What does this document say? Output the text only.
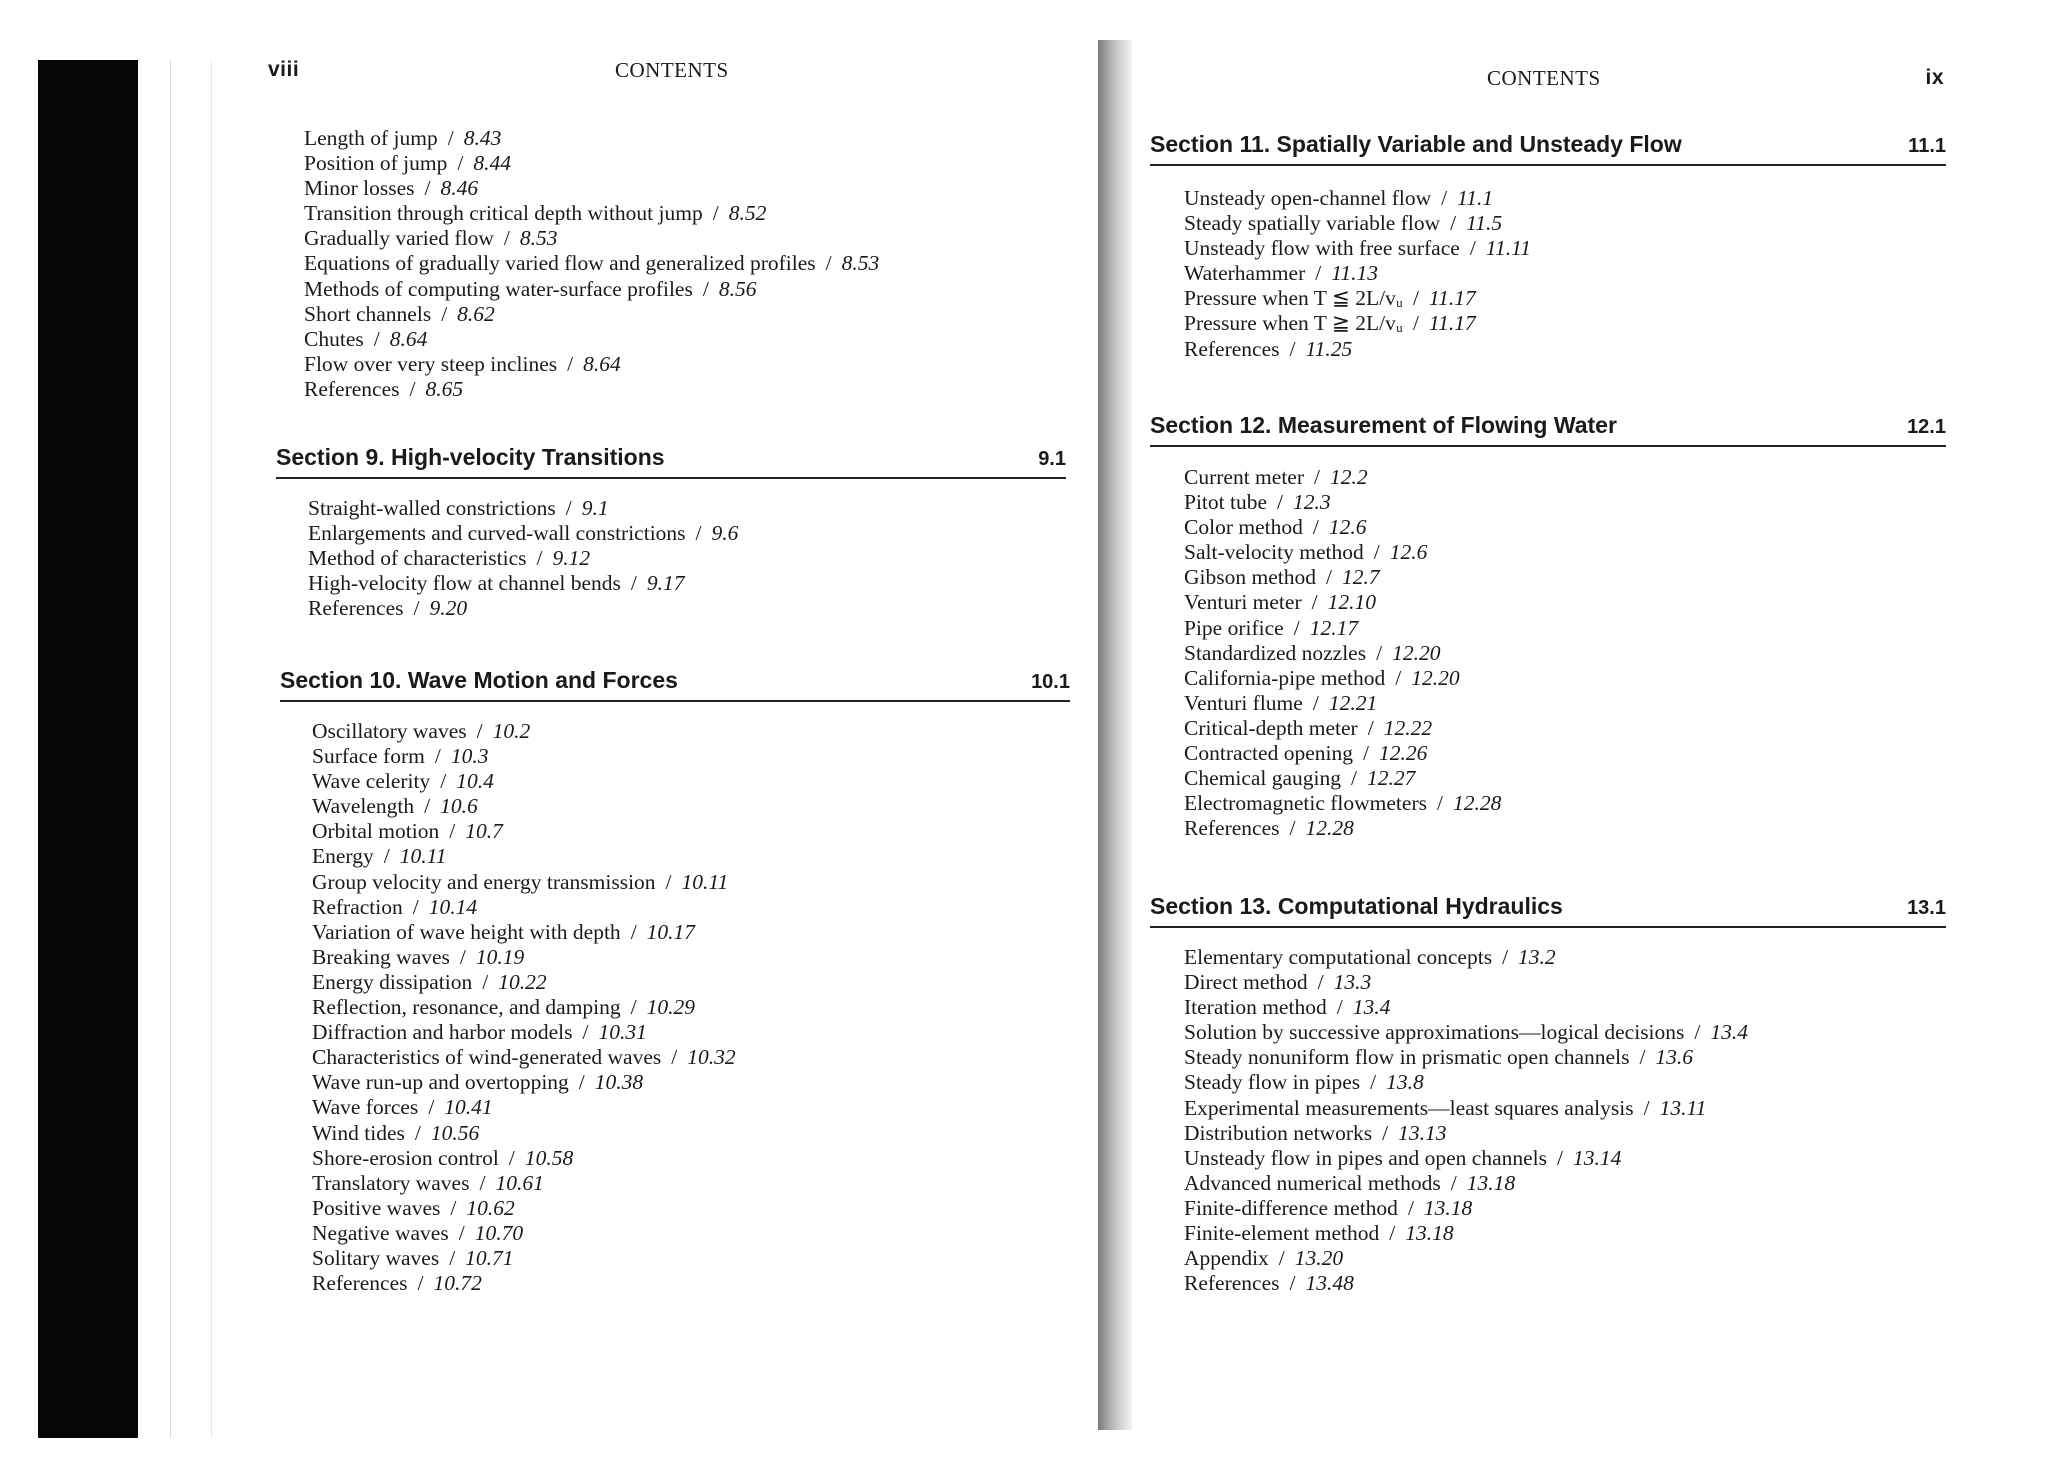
viii	CONTENTS
Length of jump / 8.43
Position of jump / 8.44
Minor losses / 8.46
Transition through critical depth without jump / 8.52
Gradually varied flow / 8.53
Equations of gradually varied flow and generalized profiles / 8.53
Methods of computing water-surface profiles / 8.56
Short channels / 8.62
Chutes / 8.64
Flow over very steep inclines / 8.64
References / 8.65
Section 9. High-velocity Transitions	9.1
Straight-walled constrictions / 9.1
Enlargements and curved-wall constrictions / 9.6
Method of characteristics / 9.12
High-velocity flow at channel bends / 9.17
References / 9.20
Section 10. Wave Motion and Forces	10.1
Oscillatory waves / 10.2
Surface form / 10.3
Wave celerity / 10.4
Wavelength / 10.6
Orbital motion / 10.7
Energy / 10.11
Group velocity and energy transmission / 10.11
Refraction / 10.14
Variation of wave height with depth / 10.17
Breaking waves / 10.19
Energy dissipation / 10.22
Reflection, resonance, and damping / 10.29
Diffraction and harbor models / 10.31
Characteristics of wind-generated waves / 10.32
Wave run-up and overtopping / 10.38
Wave forces / 10.41
Wind tides / 10.56
Shore-erosion control / 10.58
Translatory waves / 10.61
Positive waves / 10.62
Negative waves / 10.70
Solitary waves / 10.71
References / 10.72
CONTENTS	ix
Section 11. Spatially Variable and Unsteady Flow	11.1
Unsteady open-channel flow / 11.1
Steady spatially variable flow / 11.5
Unsteady flow with free surface / 11.11
Waterhammer / 11.13
Pressure when T ≦ 2L/vᵤ / 11.17
Pressure when T ≧ 2L/vᵤ / 11.17
References / 11.25
Section 12. Measurement of Flowing Water	12.1
Current meter / 12.2
Pitot tube / 12.3
Color method / 12.6
Salt-velocity method / 12.6
Gibson method / 12.7
Venturi meter / 12.10
Pipe orifice / 12.17
Standardized nozzles / 12.20
California-pipe method / 12.20
Venturi flume / 12.21
Critical-depth meter / 12.22
Contracted opening / 12.26
Chemical gauging / 12.27
Electromagnetic flowmeters / 12.28
References / 12.28
Section 13. Computational Hydraulics	13.1
Elementary computational concepts / 13.2
Direct method / 13.3
Iteration method / 13.4
Solution by successive approximations—logical decisions / 13.4
Steady nonuniform flow in prismatic open channels / 13.6
Steady flow in pipes / 13.8
Experimental measurements—least squares analysis / 13.11
Distribution networks / 13.13
Unsteady flow in pipes and open channels / 13.14
Advanced numerical methods / 13.18
Finite-difference method / 13.18
Finite-element method / 13.18
Appendix / 13.20
References / 13.48
